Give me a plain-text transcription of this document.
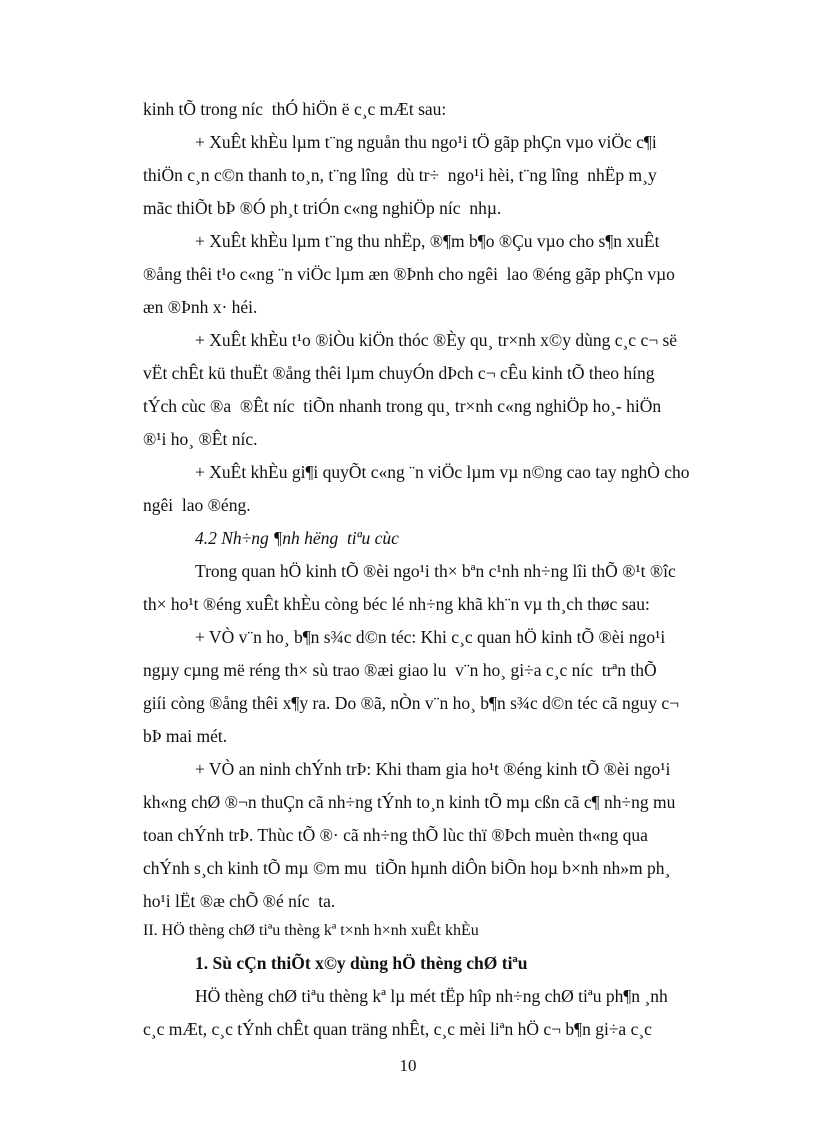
kinh tÕ trong níc  thÓ hiÖn ë c¸c mÆt sau:
+ XuÊt khÈu lµm t¨ng nguån thu ngo¹i tÖ gãp phÇn vµo viÖc c¶i
thiÖn c¸n c©n thanh to¸n, t¨ng lîng  dù tr÷  ngo¹i hèi, t¨ng lîng  nhËp m¸y
mãc thiÕt bÞ ®Ó ph¸t triÓn c«ng nghiÖp níc  nhµ.
+ XuÊt khÈu lµm t¨ng thu nhËp, ®¶m b¶o ®Çu vµo cho s¶n xuÊt
®ång thêi t¹o c«ng ¨n viÖc lµm æn ®Þnh cho ngêi  lao ®éng gãp phÇn vµo
æn ®Þnh x· héi.
+ XuÊt khÈu t¹o ®iÒu kiÖn thóc ®Èy qu¸ tr×nh x©y dùng c¸c c¬ së
vËt chÊt kü thuËt ®ång thêi lµm chuyÓn dÞch c¬ cÊu kinh tÕ theo híng
tÝch cùc ®a  ®Êt níc  tiÕn nhanh trong qu¸ tr×nh c«ng nghiÖp ho¸- hiÖn
®¹i ho¸ ®Êt níc.
+ XuÊt khÈu gi¶i quyÕt c«ng ¨n viÖc lµm vµ n©ng cao tay nghÒ cho
ngêi  lao ®éng.
4.2 Nh÷ng ¶nh hëng  tiªu cùc
Trong quan hÖ kinh tÕ ®èi ngo¹i th× bªn c¹nh nh÷ng lîi thÕ ®¹t ®îc
th× ho¹t ®éng xuÊt khÈu còng béc lé nh÷ng khã kh¨n vµ th¸ch thøc sau:
+ VÒ v¨n ho¸ b¶n s¾c d©n téc: Khi c¸c quan hÖ kinh tÕ ®èi ngo¹i
ngµy cµng më réng th× sù trao ®æi giao lu  v¨n ho¸ gi÷a c¸c níc  trªn thÕ
giíi còng ®ång thêi x¶y ra. Do ®ã, nÒn v¨n ho¸ b¶n s¾c d©n téc cã nguy c¬
bÞ mai mét.
+ VÒ an ninh chÝnh trÞ: Khi tham gia ho¹t ®éng kinh tÕ ®èi ngo¹i
kh«ng chØ ®¬n thuÇn cã nh÷ng tÝnh to¸n kinh tÕ mµ cßn cã c¶ nh÷ng mu
toan chÝnh trÞ. Thùc tÕ ®· cã nh÷ng thÕ lùc thï ®Þch muèn th«ng qua
chÝnh s¸ch kinh tÕ mµ ©m mu  tiÕn hµnh diÔn biÕn hoµ b×nh nh»m ph¸
ho¹i lËt ®æ chÕ ®é níc  ta.
II. HÖ thèng chØ tiªu thèng kª t×nh h×nh xuÊt khÈu
1. Sù cÇn thiÕt x©y dùng hÖ thèng chØ tiªu
HÖ thèng chØ tiªu thèng kª lµ mét tËp hîp nh÷ng chØ tiªu ph¶n ¸nh
c¸c mÆt, c¸c tÝnh chÊt quan träng nhÊt, c¸c mèi liªn hÖ c¬ b¶n gi÷a c¸c
10
